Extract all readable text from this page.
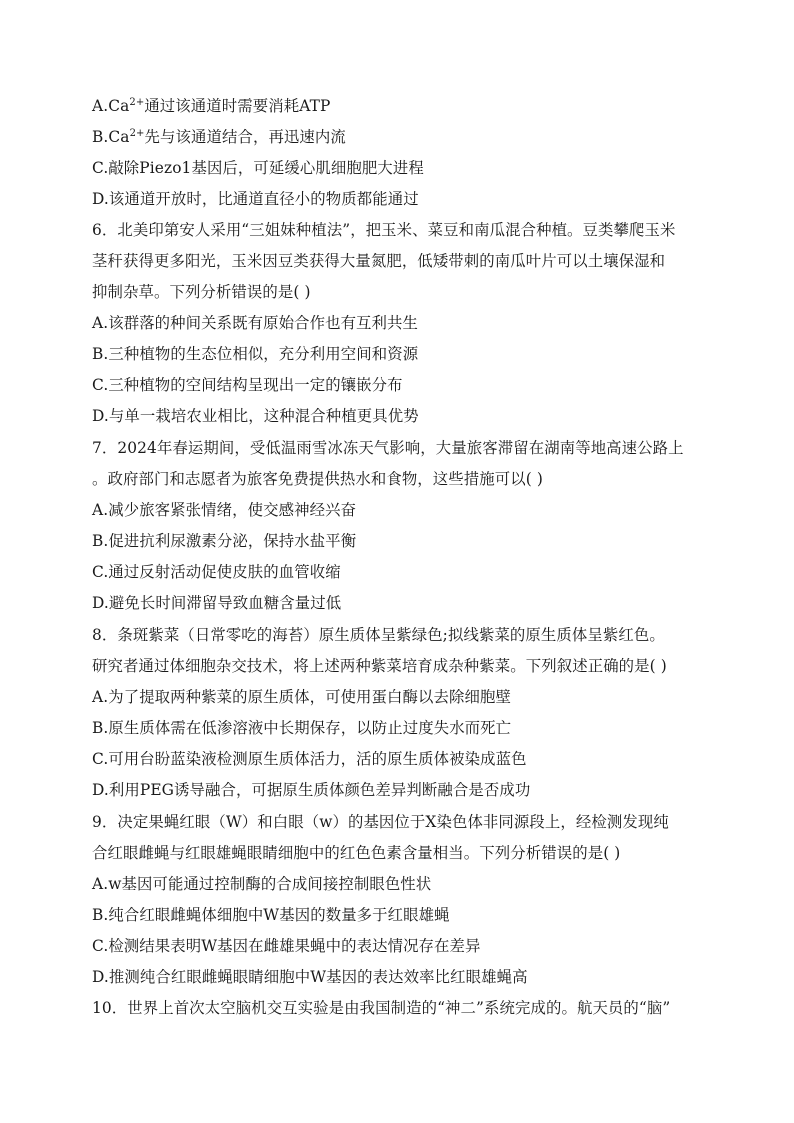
$A.Ca^{2+}$通过该通道时需要消耗ATP
$B.Ca^{2+}$先与该通道结合，再迅速内流
C.敲除Piezo1基因后，可延缓心肌细胞肥大进程
D.该通道开放时，比通道直径小的物质都能通过
6．北美印第安人采用“三姐妹种植法”，把玉米、菜豆和南瓜混合种植。豆类攀爬玉米
茎秆获得更多阳光，玉米因豆类获得大量氮肥，低矮带刺的南瓜叶片可以土壤保湿和
抑制杂草。下列分析错误的是( )
A.该群落的种间关系既有原始合作也有互利共生
B.三种植物的生态位相似，充分利用空间和资源
C.三种植物的空间结构呈现出一定的镶嵌分布
D.与单一栽培农业相比，这种混合种植更具优势
7．2024年春运期间，受低温雨雪冰冻天气影响，大量旅客滞留在湖南等地高速公路上
。政府部门和志愿者为旅客免费提供热水和食物，这些措施可以( )
A.减少旅客紧张情绪，使交感神经兴奋
B.促进抗利尿激素分泌，保持水盐平衡
C.通过反射活动促使皮肤的血管收缩
D.避免长时间滞留导致血糖含量过低
8．条斑紫菜（日常零吃的海苔）原生质体呈紫绿色;拟线紫菜的原生质体呈紫红色。
研究者通过体细胞杂交技术，将上述两种紫菜培育成杂种紫菜。下列叙述正确的是( )
A.为了提取两种紫菜的原生质体，可使用蛋白酶以去除细胞壁
B.原生质体需在低渗溶液中长期保存，以防止过度失水而死亡
C.可用台盼蓝染液检测原生质体活力，活的原生质体被染成蓝色
D.利用PEG诱导融合，可据原生质体颜色差异判断融合是否成功
9．决定果蝇红眼（W）和白眼（w）的基因位于X染色体非同源段上，经检测发现纯
合红眼雌蝇与红眼雄蝇眼睛细胞中的红色色素含量相当。下列分析错误的是( )
A.w基因可能通过控制酶的合成间接控制眼色性状
B.纯合红眼雌蝇体细胞中W基因的数量多于红眼雄蝇
C.检测结果表明W基因在雌雄果蝇中的表达情况存在差异
D.推测纯合红眼雌蝇眼睛细胞中W基因的表达效率比红眼雄蝇高
10．世界上首次太空脑机交互实验是由我国制造的“神二”系统完成的。航天员的“脑”
